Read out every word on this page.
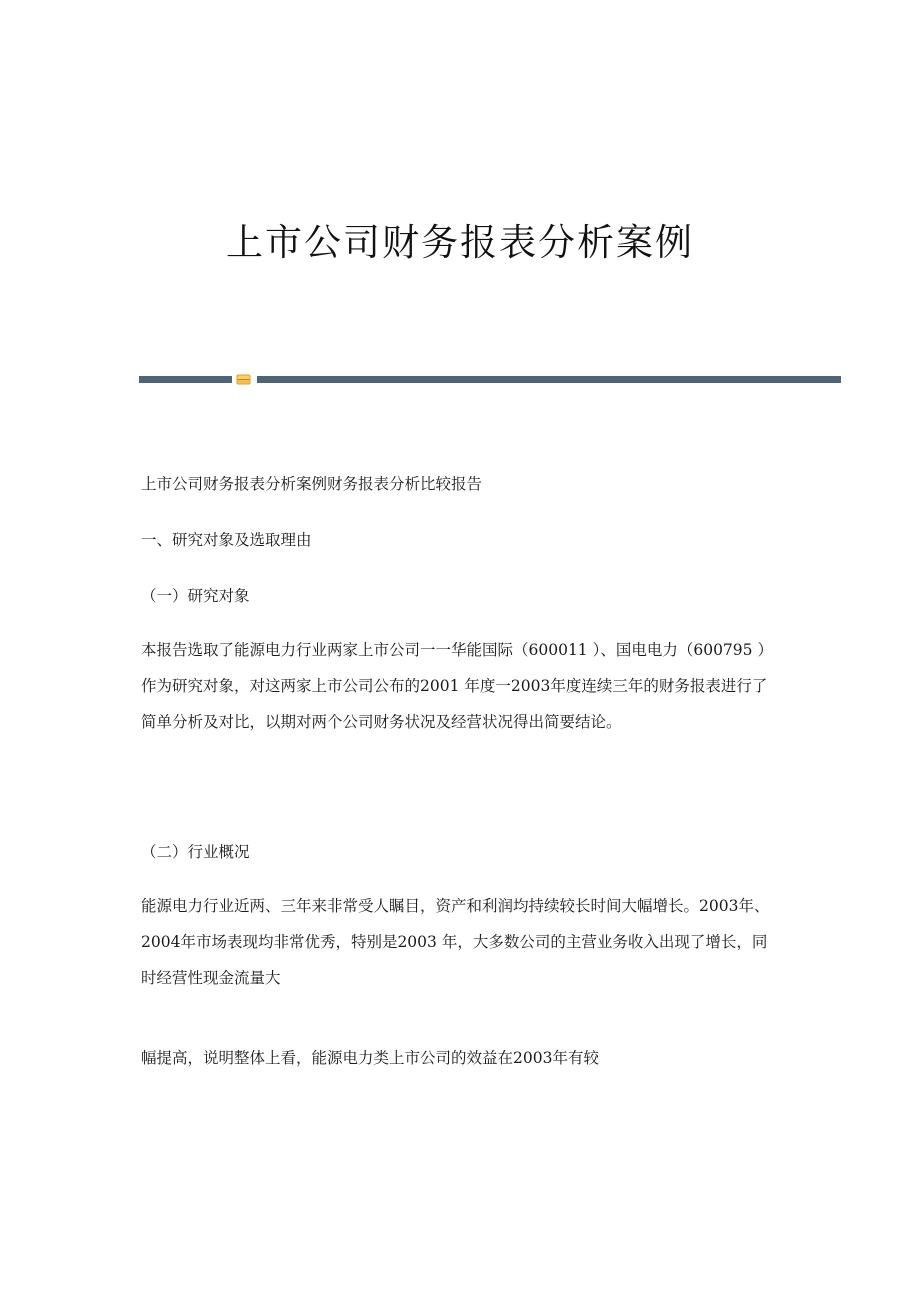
上市公司财务报表分析案例

上市公司财务报表分析案例财务报表分析比较报告

一、研究对象及选取理由

（一）研究对象

本报告选取了能源电力行业两家上市公司一一华能国际（600011 ）、国电电力（600795 ）作为研究对象，对这两家上市公司公布的2001 年度一2003年度连续三年的财务报表进行了简单分析及对比，以期对两个公司财务状况及经营状况得出简要结论。

（二）行业概况

能源电力行业近两、三年来非常受人瞩目，资产和利润均持续较长时间大幅增长。2003年、2004年市场表现均非常优秀，特别是2003 年，大多数公司的主营业务收入出现了增长，同时经营性现金流量大

幅提高，说明整体上看，能源电力类上市公司的效益在2003年有较
